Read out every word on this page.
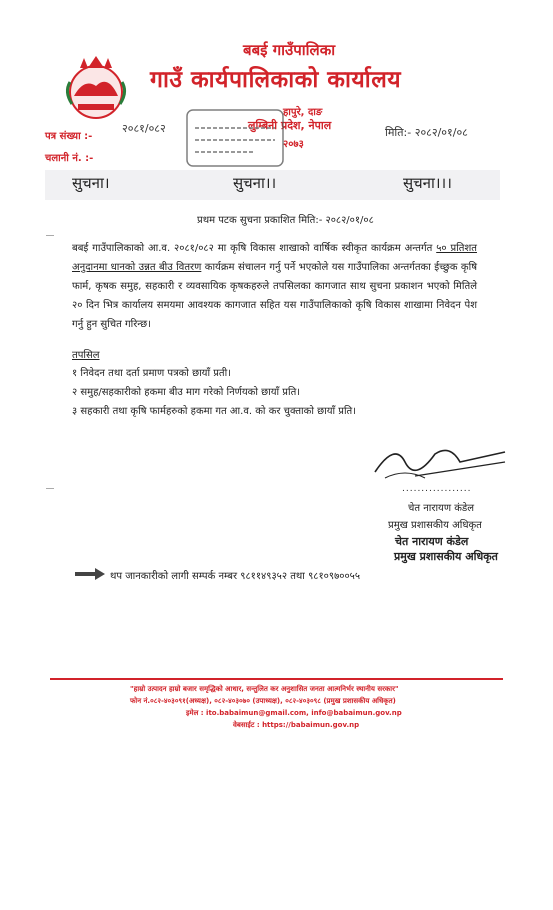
बबई गाउँपालिका
गाउँ कार्यपालिकाको कार्यालय
हापुरे, दाङ
लुम्बिनी प्रदेश, नेपाल
२०७३
पत्र संख्या :-
२०८१/०८२
चलानी नं. :-
मिति:- २०८२/०१/०८
सुचना।	सुचना।।	सुचना।।।
प्रथम पटक सुचना प्रकाशित मिति:- २०८२/०१/०८
बबई गाउँपालिकाको आ.व. २०८१/०८२ मा कृषि विकास शाखाको वार्षिक स्वीकृत कार्यक्रम अन्तर्गत ५० प्रतिशत अनुदानमा धानको उन्नत बीउ वितरण कार्यक्रम संचालन गर्नु पर्ने भएकोले यस गाउँपालिका अन्तर्गतका ईच्छुक कृषि फार्म, कृषक समुह, सहकारी र व्यवसायिक कृषकहरुले तपसिलका कागजात साथ सुचना प्रकाशन भएको मितिले २० दिन भित्र कार्यालय समयमा आवश्यक कागजात सहित यस गाउँपालिकाको कृषि विकास शाखामा निवेदन पेश गर्नु हुन सुचित गरिन्छ।
तपसिल
१ निवेदन तथा दर्ता प्रमाण पत्रको छायाँ प्रती।
२ समुह/सहकारीको हकमा बीउ माग गरेको निर्णयको छायाँ प्रति।
३ सहकारी तथा कृषि फार्महरुको हकमा गत आ.व. को कर चुक्ताको छायाँ प्रति।
..................
चेत नारायण कंडेल
प्रमुख प्रशासकीय अधिकृत
चेत नारायण कंडेल
प्रमुख प्रशासकीय अधिकृत
थप जानकारीको लागी सम्पर्क नम्बर ९८११४९३५२ तथा ९८१०९७००५५
"हाम्रो उत्पादन हाम्रो बजार समृद्धिको आधार, सन्तुलित कर अनुशासित जनता आत्मनिर्भर स्थानीय सरकार"
फोन नं.०८२-४०३०९१(अध्यक्ष), ०८२-४०३०७० (उपाध्यक्ष), ०८२-४०३०९८ (प्रमुख प्रशासकीय अधिकृत)
इमेल : ito.babaimun@gmail.com, info@babaimun.gov.np
वेबसाईट : https://babaimun.gov.np
